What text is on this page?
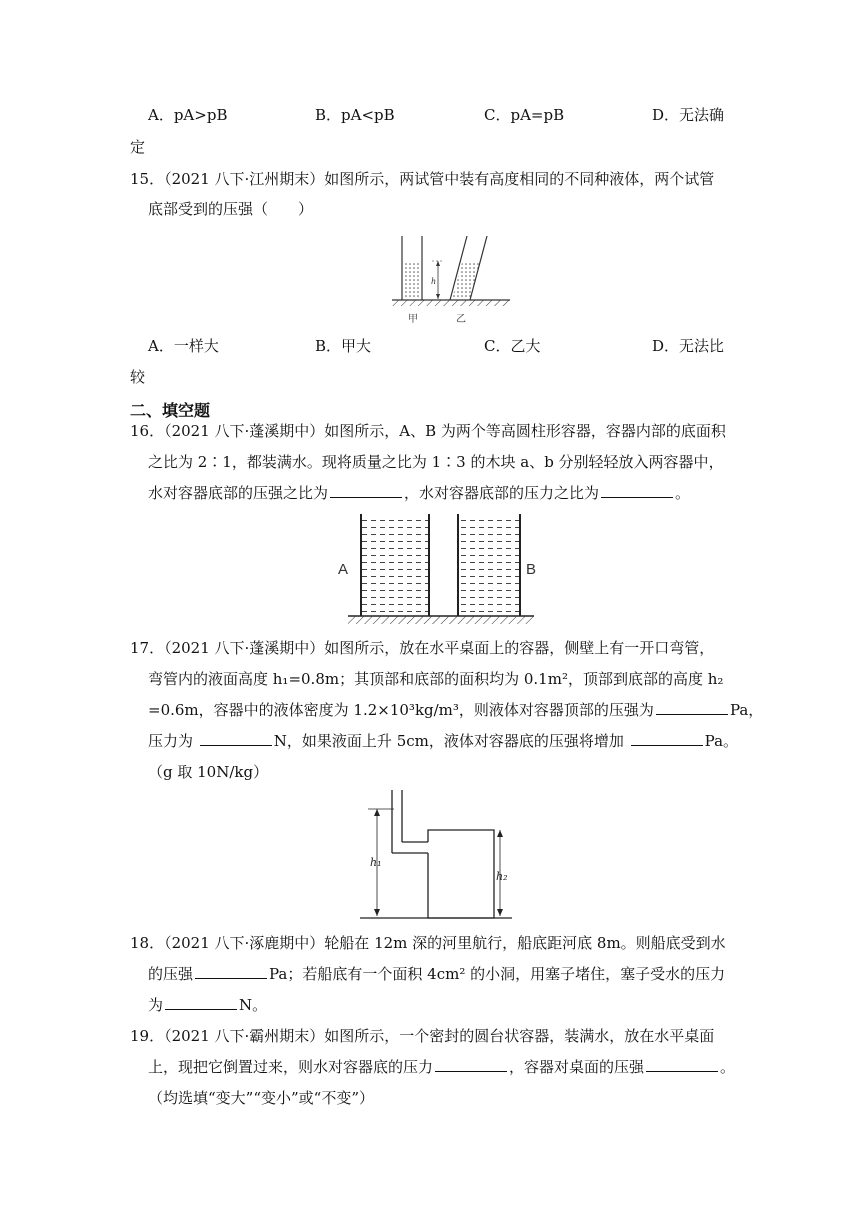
A．pA>pB	B．pA<pB	C．pA=pB	D．无法确
定
15．（2021 八下·江州期末）如图所示，两试管中装有高度相同的不同种液体，两个试管
底部受到的压强（　　）
h
甲	乙
A．一样大	B．甲大	C．乙大	D．无法比
较
二、填空题
16．（2021 八下·蓬溪期中）如图所示，A、B 为两个等高圆柱形容器，容器内部的底面积
之比为 2∶1，都装满水。现将质量之比为 1∶3 的木块 a、b 分别轻轻放入两容器中，
水对容器底部的压强之比为	，水对容器底部的压力之比为	。
A	B
17．（2021 八下·蓬溪期中）如图所示，放在水平桌面上的容器，侧壁上有一开口弯管，
弯管内的液面高度 h₁=0.8m；其顶部和底部的面积均为 0.1m²，顶部到底部的高度 h₂
=0.6m，容器中的液体密度为 1.2×10³kg/m³，则液体对容器顶部的压强为	Pa，
压力为	N，如果液面上升 5cm，液体对容器底的压强将增加	Pa。
（g 取 10N/kg）
h₁
h₂
18．（2021 八下·涿鹿期中）轮船在 12m 深的河里航行，船底距河底 8m。则船底受到水
的压强	Pa；若船底有一个面积 4cm² 的小洞，用塞子堵住，塞子受水的压力
为	N。
19．（2021 八下·霸州期末）如图所示，一个密封的圆台状容器，装满水，放在水平桌面
上，现把它倒置过来，则水对容器底的压力	，容器对桌面的压强	。
（均选填“变大”“变小”或“不变”）
